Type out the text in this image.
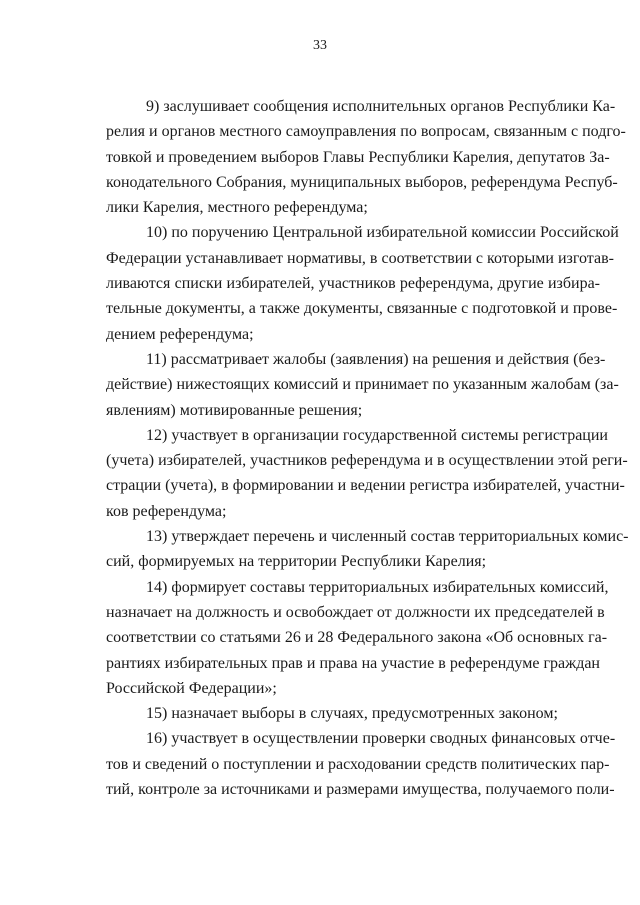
33
9) заслушивает сообщения исполнительных органов Республики Ка-
релия и органов местного самоуправления по вопросам, связанным с подго-
товкой и проведением выборов Главы Республики Карелия, депутатов За-
конодательного Собрания, муниципальных выборов, референдума Респуб-
лики Карелия, местного референдума;
10) по поручению Центральной избирательной комиссии Российской
Федерации устанавливает нормативы, в соответствии с которыми изготав-
ливаются списки избирателей, участников референдума, другие избира-
тельные документы, а также документы, связанные с подготовкой и прове-
дением референдума;
11) рассматривает жалобы (заявления) на решения и действия (без-
действие) нижестоящих комиссий и принимает по указанным жалобам (за-
явлениям) мотивированные решения;
12) участвует в организации государственной системы регистрации
(учета) избирателей, участников референдума и в осуществлении этой реги-
страции (учета), в формировании и ведении регистра избирателей, участни-
ков референдума;
13) утверждает перечень и численный состав территориальных комис-
сий, формируемых на территории Республики Карелия;
14) формирует составы территориальных избирательных комиссий,
назначает на должность и освобождает от должности их председателей в
соответствии со статьями 26 и 28 Федерального закона «Об основных га-
рантиях избирательных прав и права на участие в референдуме граждан
Российской Федерации»;
15) назначает выборы в случаях, предусмотренных законом;
16) участвует в осуществлении проверки сводных финансовых отче-
тов и сведений о поступлении и расходовании средств политических пар-
тий, контроле за источниками и размерами имущества, получаемого поли-
